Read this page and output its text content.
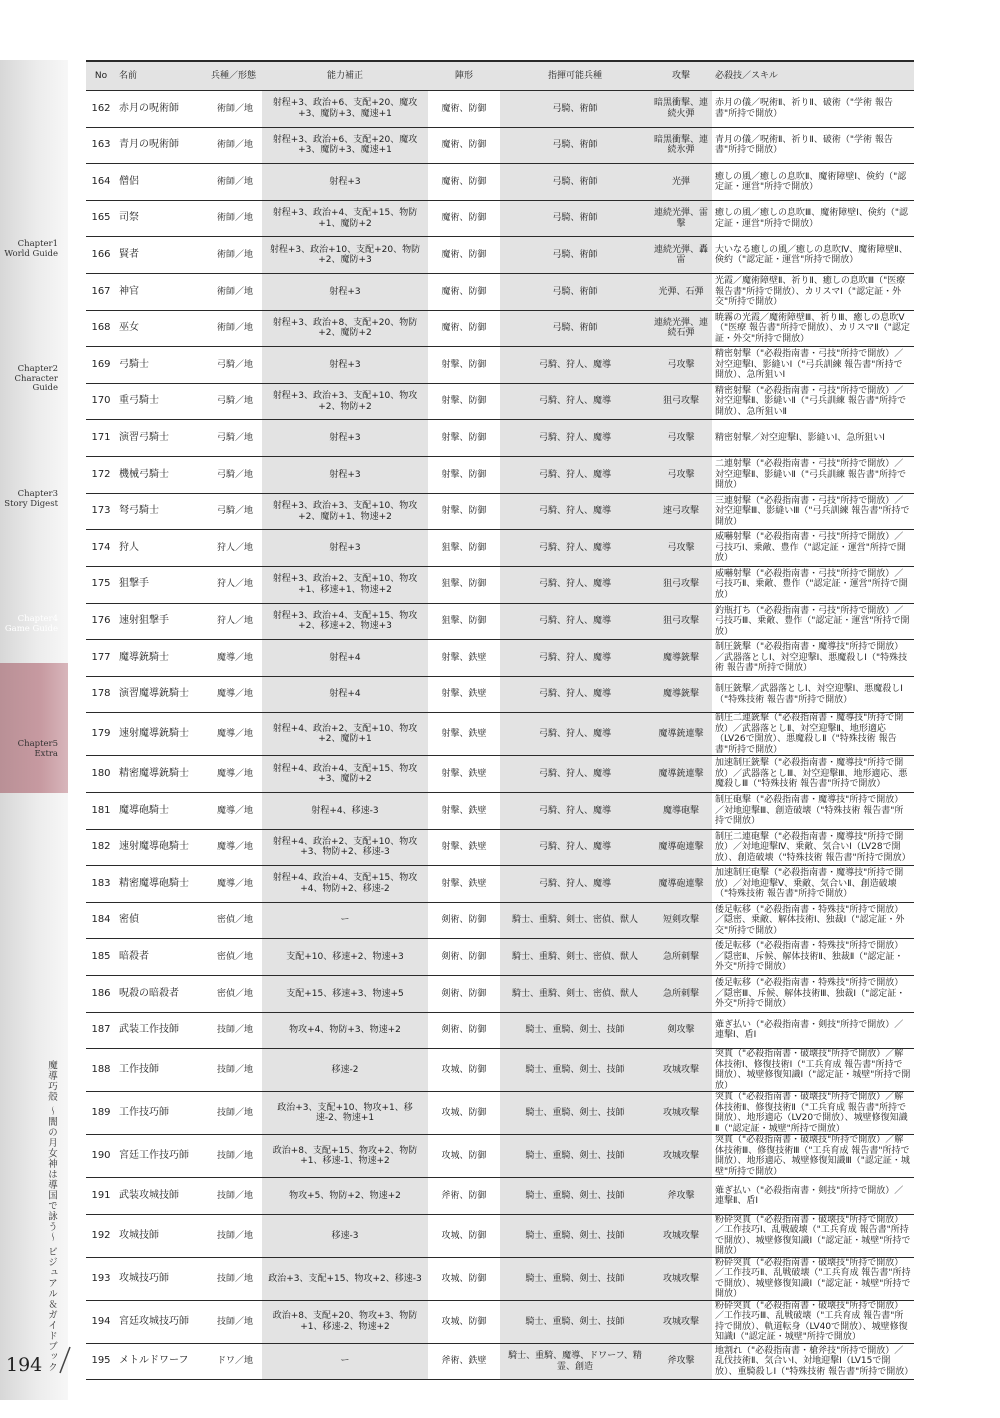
Chapter1
World Guide
Chapter2
Character Guide
Chapter3
Story Digest
Chapter4
Game Guide
Chapter5
Extra
魔導巧殻 〜闇の月女神は導国で詠う〜 ビジュアル＆ガイドブック
194
No	名前	兵種／形態	能力補正	陣形	指揮可能兵種	攻撃	必殺技／スキル
162	赤月の呪術師	術師／地	射程+3、政治+6、支配+20、魔攻+3、魔防+3、魔速+1	魔術、防御	弓騎、術師	暗黒衝撃、連続火弾	赤月の儀／呪術Ⅱ、祈りⅡ、破術（"学術 報告書"所持で開放）
163	青月の呪術師	術師／地	射程+3、政治+6、支配+20、魔攻+3、魔防+3、魔速+1	魔術、防御	弓騎、術師	暗黒衝撃、連続氷弾	青月の儀／呪術Ⅱ、祈りⅡ、破術（"学術 報告書"所持で開放）
164	僧侶	術師／地	射程+3	魔術、防御	弓騎、術師	光弾	癒しの風／癒しの息吹Ⅱ、魔術障壁Ⅰ、倹約（"認定証・運営"所持で開放）
165	司祭	術師／地	射程+3、政治+4、支配+15、物防+1、魔防+2	魔術、防御	弓騎、術師	連続光弾、雷撃	癒しの風／癒しの息吹Ⅲ、魔術障壁Ⅰ、倹約（"認定証・運営"所持で開放）
166	賢者	術師／地	射程+3、政治+10、支配+20、物防+2、魔防+3	魔術、防御	弓騎、術師	連続光弾、轟雷	大いなる癒しの風／癒しの息吹Ⅳ、魔術障壁Ⅱ、倹約（"認定証・運営"所持で開放）
167	神官	術師／地	射程+3	魔術、防御	弓騎、術師	光弾、石弾	光霞／魔術障壁Ⅱ、祈りⅡ、癒しの息吹Ⅲ（"医療報告書"所持で開放）、カリスマⅠ（"認定証・外交"所持で開放）
168	巫女	術師／地	射程+3、政治+8、支配+20、物防+2、魔防+2	魔術、防御	弓騎、術師	連続光弾、連続石弾	暁霧の光霞／魔術障壁Ⅲ、祈りⅢ、癒しの息吹Ⅴ（"医療 報告書"所持で開放）、カリスマⅡ（"認定証・外交"所持で開放）
169	弓騎士	弓騎／地	射程+3	射撃、防御	弓騎、狩人、魔導	弓攻撃	精密射撃（"必殺指南書・弓技"所持で開放）／対空迎撃Ⅰ、影縫いⅠ（"弓兵訓練 報告書"所持で開放）、急所狙いⅠ
170	重弓騎士	弓騎／地	射程+3、政治+3、支配+10、物攻+2、物防+2	射撃、防御	弓騎、狩人、魔導	狙弓攻撃	精密射撃（"必殺指南書・弓技"所持で開放）／対空迎撃Ⅱ、影縫いⅡ（"弓兵訓練 報告書"所持で開放）、急所狙いⅡ
171	演習弓騎士	弓騎／地	射程+3	射撃、防御	弓騎、狩人、魔導	弓攻撃	精密射撃／対空迎撃Ⅰ、影縫いⅠ、急所狙いⅠ
172	機械弓騎士	弓騎／地	射程+3	射撃、防御	弓騎、狩人、魔導	弓攻撃	二連射撃（"必殺指南書・弓技"所持で開放）／対空迎撃Ⅱ、影縫いⅡ（"弓兵訓練 報告書"所持で開放）
173	弩弓騎士	弓騎／地	射程+3、政治+3、支配+10、物攻+2、魔防+1、物速+2	射撃、防御	弓騎、狩人、魔導	速弓攻撃	三連射撃（"必殺指南書・弓技"所持で開放）／対空迎撃Ⅲ、影縫いⅢ（"弓兵訓練 報告書"所持で開放）
174	狩人	狩人／地	射程+3	狙撃、防御	弓騎、狩人、魔導	弓攻撃	威嚇射撃（"必殺指南書・弓技"所持で開放）／弓技巧Ⅰ、乗敵、豊作（"認定証・運営"所持で開放）
175	狙撃手	狩人／地	射程+3、政治+2、支配+10、物攻+1、移速+1、物速+2	狙撃、防御	弓騎、狩人、魔導	狙弓攻撃	威嚇射撃（"必殺指南書・弓技"所持で開放）／弓技巧Ⅱ、乗敵、豊作（"認定証・運営"所持で開放）
176	速射狙撃手	狩人／地	射程+3、政治+4、支配+15、物攻+2、移速+2、物速+3	狙撃、防御	弓騎、狩人、魔導	狙弓攻撃	釣瓶打ち（"必殺指南書・弓技"所持で開放）／弓技巧Ⅲ、乗敵、豊作（"認定証・運営"所持で開放）
177	魔導銃騎士	魔導／地	射程+4	射撃、鉄壁	弓騎、狩人、魔導	魔導銃撃	制圧銃撃（"必殺指南書・魔導技"所持で開放）／武器落としⅠ、対空迎撃Ⅰ、悪魔殺しⅠ（"特殊技術 報告書"所持で開放）
178	演習魔導銃騎士	魔導／地	射程+4	射撃、鉄壁	弓騎、狩人、魔導	魔導銃撃	制圧銃撃／武器落としⅠ、対空迎撃Ⅰ、悪魔殺しⅠ（"特殊技術 報告書"所持で開放）
179	速射魔導銃騎士	魔導／地	射程+4、政治+2、支配+10、物攻+2、魔防+1	射撃、鉄壁	弓騎、狩人、魔導	魔導銃連撃	制圧二連銃撃（"必殺指南書・魔導技"所持で開放）／武器落としⅡ、対空迎撃Ⅱ、地形適応（LV26で開放）、悪魔殺しⅡ（"特殊技術 報告書"所持で開放）
180	精密魔導銃騎士	魔導／地	射程+4、政治+4、支配+15、物攻+3、魔防+2	射撃、鉄壁	弓騎、狩人、魔導	魔導銃連撃	加速制圧銃撃（"必殺指南書・魔導技"所持で開放）／武器落としⅢ、対空迎撃Ⅲ、地形適応、悪魔殺しⅢ（"特殊技術 報告書"所持で開放）
181	魔導砲騎士	魔導／地	射程+4、移速-3	射撃、鉄壁	弓騎、狩人、魔導	魔導砲撃	制圧砲撃（"必殺指南書・魔導技"所持で開放）／対地迎撃Ⅲ、創造破壊（"特殊技術 報告書"所持で開放）
182	速射魔導砲騎士	魔導／地	射程+4、政治+2、支配+10、物攻+3、物防+2、移速-3	射撃、鉄壁	弓騎、狩人、魔導	魔導砲連撃	制圧二連砲撃（"必殺指南書・魔導技"所持で開放）／対地迎撃Ⅳ、乗敵、気合いⅠ（LV28で開放）、創造破壊（"特殊技術 報告書"所持で開放）
183	精密魔導砲騎士	魔導／地	射程+4、政治+4、支配+15、物攻+4、物防+2、移速-2	射撃、鉄壁	弓騎、狩人、魔導	魔導砲連撃	加速制圧砲撃（"必殺指南書・魔導技"所持で開放）／対地迎撃Ⅴ、乗敵、気合いⅡ、創造破壊（"特殊技術 報告書"所持で開放）
184	密偵	密偵／地	ー	剣術、防御	騎士、重騎、剣士、密偵、獣人	短剣攻撃	倭足転移（"必殺指南書・特殊技"所持で開放）／隠密、乗敵、解体技術Ⅰ、独裁Ⅰ（"認定証・外交"所持で開放）
185	暗殺者	密偵／地	支配+10、移速+2、物速+3	剣術、防御	騎士、重騎、剣士、密偵、獣人	急所刺撃	倭足転移（"必殺指南書・特殊技"所持で開放）／隠密Ⅱ、斥候、解体技術Ⅱ、独裁Ⅱ（"認定証・外交"所持で開放）
186	呪殺の暗殺者	密偵／地	支配+15、移速+3、物速+5	剣術、防御	騎士、重騎、剣士、密偵、獣人	急所刺撃	倭足転移（"必殺指南書・特殊技"所持で開放）／隠密Ⅲ、斥候、解体技術Ⅲ、独裁Ⅰ（"認定証・外交"所持で開放）
187	武装工作技師	技師／地	物攻+4、物防+3、物速+2	剣術、防御	騎士、重騎、剣士、技師	剣攻撃	薙ぎ払い（"必殺指南書・剣技"所持で開放）／連撃Ⅰ、盾Ⅰ
188	工作技師	技師／地	移速-2	攻城、防御	騎士、重騎、剣士、技師	攻城攻撃	突貫（"必殺指南書・破壊技"所持で開放）／解体技術Ⅰ、修復技術Ⅰ（"工兵育成 報告書"所持で開放）、城壁修復知識Ⅰ（"認定証・城壁"所持で開放）
189	工作技巧師	技師／地	政治+3、支配+10、物攻+1、移速-2、物速+1	攻城、防御	騎士、重騎、剣士、技師	攻城攻撃	突貫（"必殺指南書・破壊技"所持で開放）／解体技術Ⅱ、修復技術Ⅱ（"工兵育成 報告書"所持で開放）、地形適応（LV20で開放）、城壁修復知識Ⅱ（"認定証・城壁"所持で開放）
190	宮廷工作技巧師	技師／地	政治+8、支配+15、物攻+2、物防+1、移速-1、物速+2	攻城、防御	騎士、重騎、剣士、技師	攻城攻撃	突貫（"必殺指南書・破壊技"所持で開放）／解体技術Ⅲ、修復技術Ⅲ（"工兵育成 報告書"所持で開放）、地形適応、城壁修復知識Ⅲ（"認定証・城壁"所持で開放）
191	武装攻城技師	技師／地	物攻+5、物防+2、物速+2	斧術、防御	騎士、重騎、剣士、技師	斧攻撃	薙ぎ払い（"必殺指南書・剣技"所持で開放）／連撃Ⅱ、盾Ⅰ
192	攻城技師	技師／地	移速-3	攻城、防御	騎士、重騎、剣士、技師	攻城攻撃	粉砕突貫（"必殺指南書・破壊技"所持で開放）／工作技巧Ⅰ、乱戦破壊（"工兵育成 報告書"所持で開放）、城壁修復知識Ⅰ（"認定証・城壁"所持で開放）
193	攻城技巧師	技師／地	政治+3、支配+15、物攻+2、移速-3	攻城、防御	騎士、重騎、剣士、技師	攻城攻撃	粉砕突貫（"必殺指南書・破壊技"所持で開放）／工作技巧Ⅱ、乱戦破壊（"工兵育成 報告書"所持で開放）、城壁修復知識Ⅰ（"認定証・城壁"所持で開放）
194	宮廷攻城技巧師	技師／地	政治+8、支配+20、物攻+3、物防+1、移速-2、物速+2	攻城、防御	騎士、重騎、剣士、技師	攻城攻撃	粉砕突貫（"必殺指南書・破壊技"所持で開放）／工作技巧Ⅲ、乱戦破壊（"工兵育成 報告書"所持で開放）、軌道転身（LV40で開放）、城壁修復知識Ⅰ（"認定証・城壁"所持で開放）
195	メトルドワーフ	ドワ／地	ー	斧術、鉄壁	騎士、重騎、魔導、ドワーフ、精霊、創造	斧攻撃	地割れ（"必殺指南書・槍斧技"所持で開放）／乱伐技術Ⅱ、気合いⅠ、対地迎撃Ⅰ（LV15で開放）、重騎殺しⅠ（"特殊技術 報告書"所持で開放）
